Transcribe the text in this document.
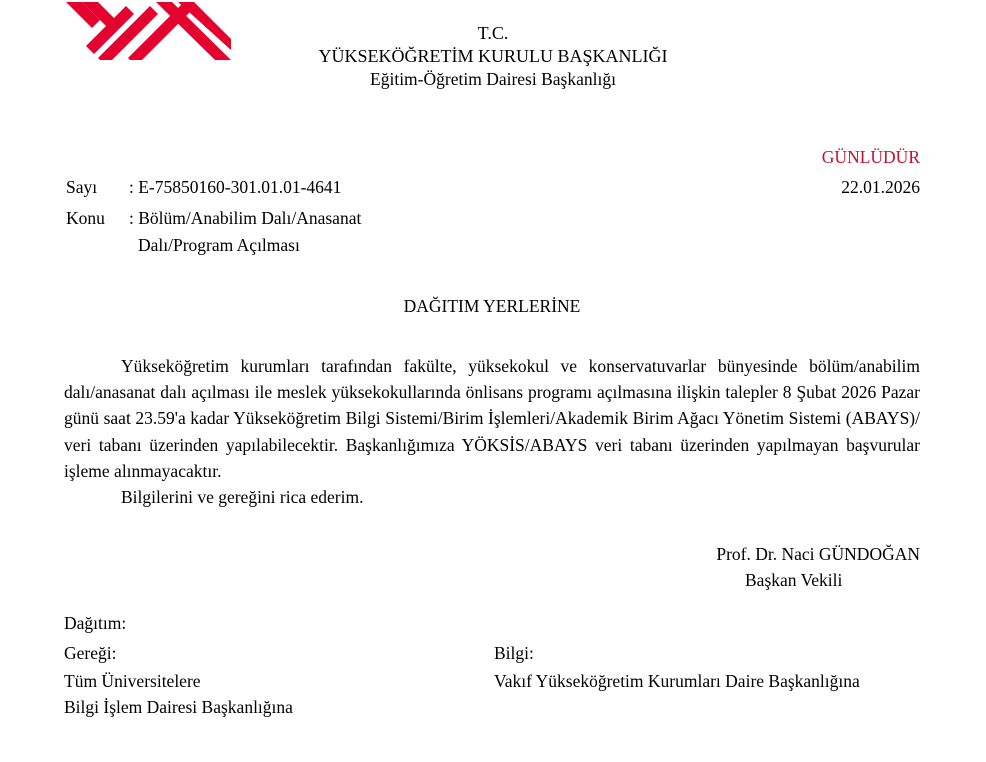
T.C.
YÜKSEKÖĞRETİM KURULU BAŞKANLIĞI
Eğitim-Öğretim Dairesi Başkanlığı
GÜNLÜDÜR
22.01.2026
Sayı : E-75850160-301.01.01-4641
Konu : Bölüm/Anabilim Dalı/Anasanat
Dalı/Program Açılması
DAĞITIM YERLERİNE

Yükseköğretim kurumları tarafından fakülte, yüksekokul ve konservatuvarlar bünyesinde bölüm/anabilim dalı/anasanat dalı açılması ile meslek yüksekokullarında önlisans programı açılmasına ilişkin talepler 8 Şubat 2026 Pazar günü saat 23.59'a kadar Yükseköğretim Bilgi Sistemi/Birim İşlemleri/Akademik Birim Ağacı Yönetim Sistemi (ABAYS)/ veri tabanı üzerinden yapılabilecektir. Başkanlığımıza YÖKSİS/ABAYS veri tabanı üzerinden yapılmayan başvurular işleme alınmayacaktır.

Bilgilerini ve gereğini rica ederim.

Prof. Dr. Naci GÜNDOĞAN
Başkan Vekili
Dağıtım:
Gereği:
Tüm Üniversitelere
Bilgi İşlem Dairesi Başkanlığına
Bilgi:
Vakıf Yükseköğretim Kurumları Daire Başkanlığına
